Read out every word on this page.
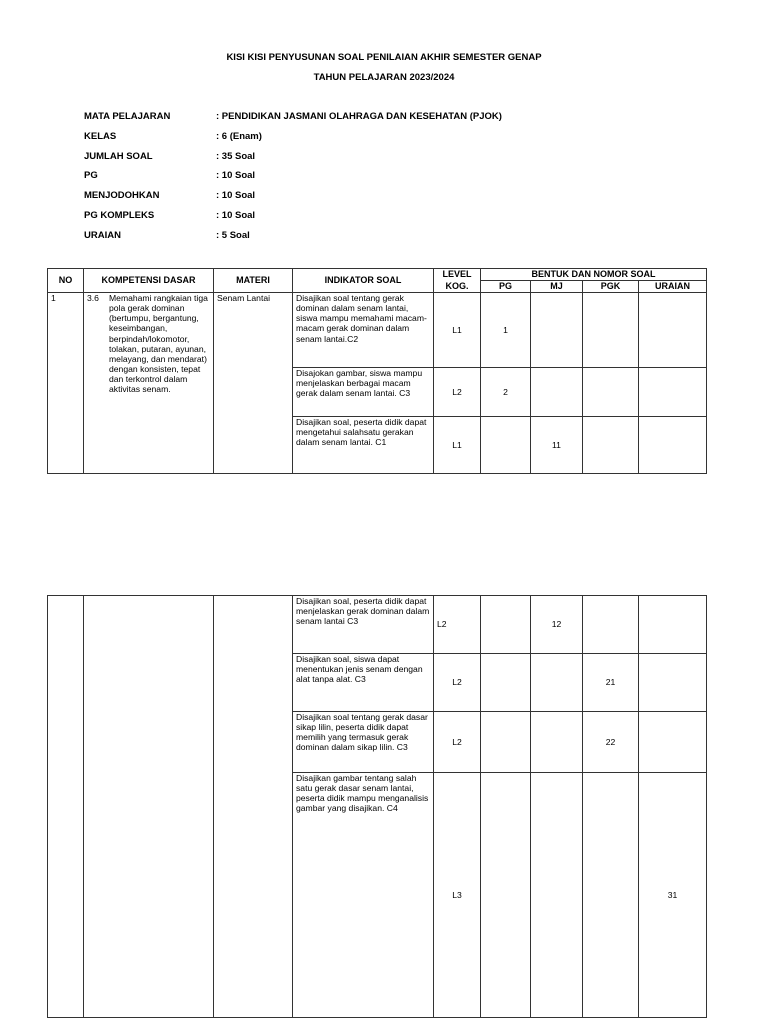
KISI KISI PENYUSUNAN SOAL PENILAIAN AKHIR SEMESTER GENAP
TAHUN PELAJARAN 2023/2024
MATA PELAJARAN	: PENDIDIKAN JASMANI OLAHRAGA DAN KESEHATAN (PJOK)
KELAS	: 6 (Enam)
JUMLAH SOAL	: 35 Soal
PG	: 10 Soal
MENJODOHKAN	: 10 Soal
PG KOMPLEKS	: 10 Soal
URAIAN	: 5 Soal
NO	KOMPETENSI DASAR	MATERI	INDIKATOR SOAL	LEVEL KOG.	BENTUK DAN NOMOR SOAL			
					PG	MJ	PGK	URAIAN
1	3.6 Memahami rangkaian tiga pola gerak dominan (bertumpu, bergantung, keseimbangan, berpindah/lokomotor, tolakan, putaran, ayunan, melayang, dan mendarat) dengan konsisten, tepat dan terkontrol dalam aktivitas senam.	Senam Lantai	Disajikan soal tentang gerak dominan dalam senam lantai, siswa mampu memahami macam-macam gerak dominan dalam senam lantai.C2	L1	1			
			Disajokan gambar, siswa mampu menjelaskan berbagai macam gerak dalam senam lantai. C3	L2	2			
			Disajikan soal, peserta didik dapat mengetahui salahsatu gerakan dalam senam lantai. C1	L1		11		
			Disajikan soal, peserta didik dapat menjelaskan gerak dominan dalam senam lantai C3	L2		12		
			Disajikan soal, siswa dapat menentukan jenis senam dengan alat tanpa alat. C3	L2			21	
			Disajikan soal tentang gerak dasar sikap lilin, peserta didik dapat memilih yang termasuk gerak dominan dalam sikap lilin. C3	L2			22	
			Disajikan gambar tentang salah satu gerak dasar senam lantai, peserta didik mampu menganalisis gambar yang disajikan. C4	L3				31
